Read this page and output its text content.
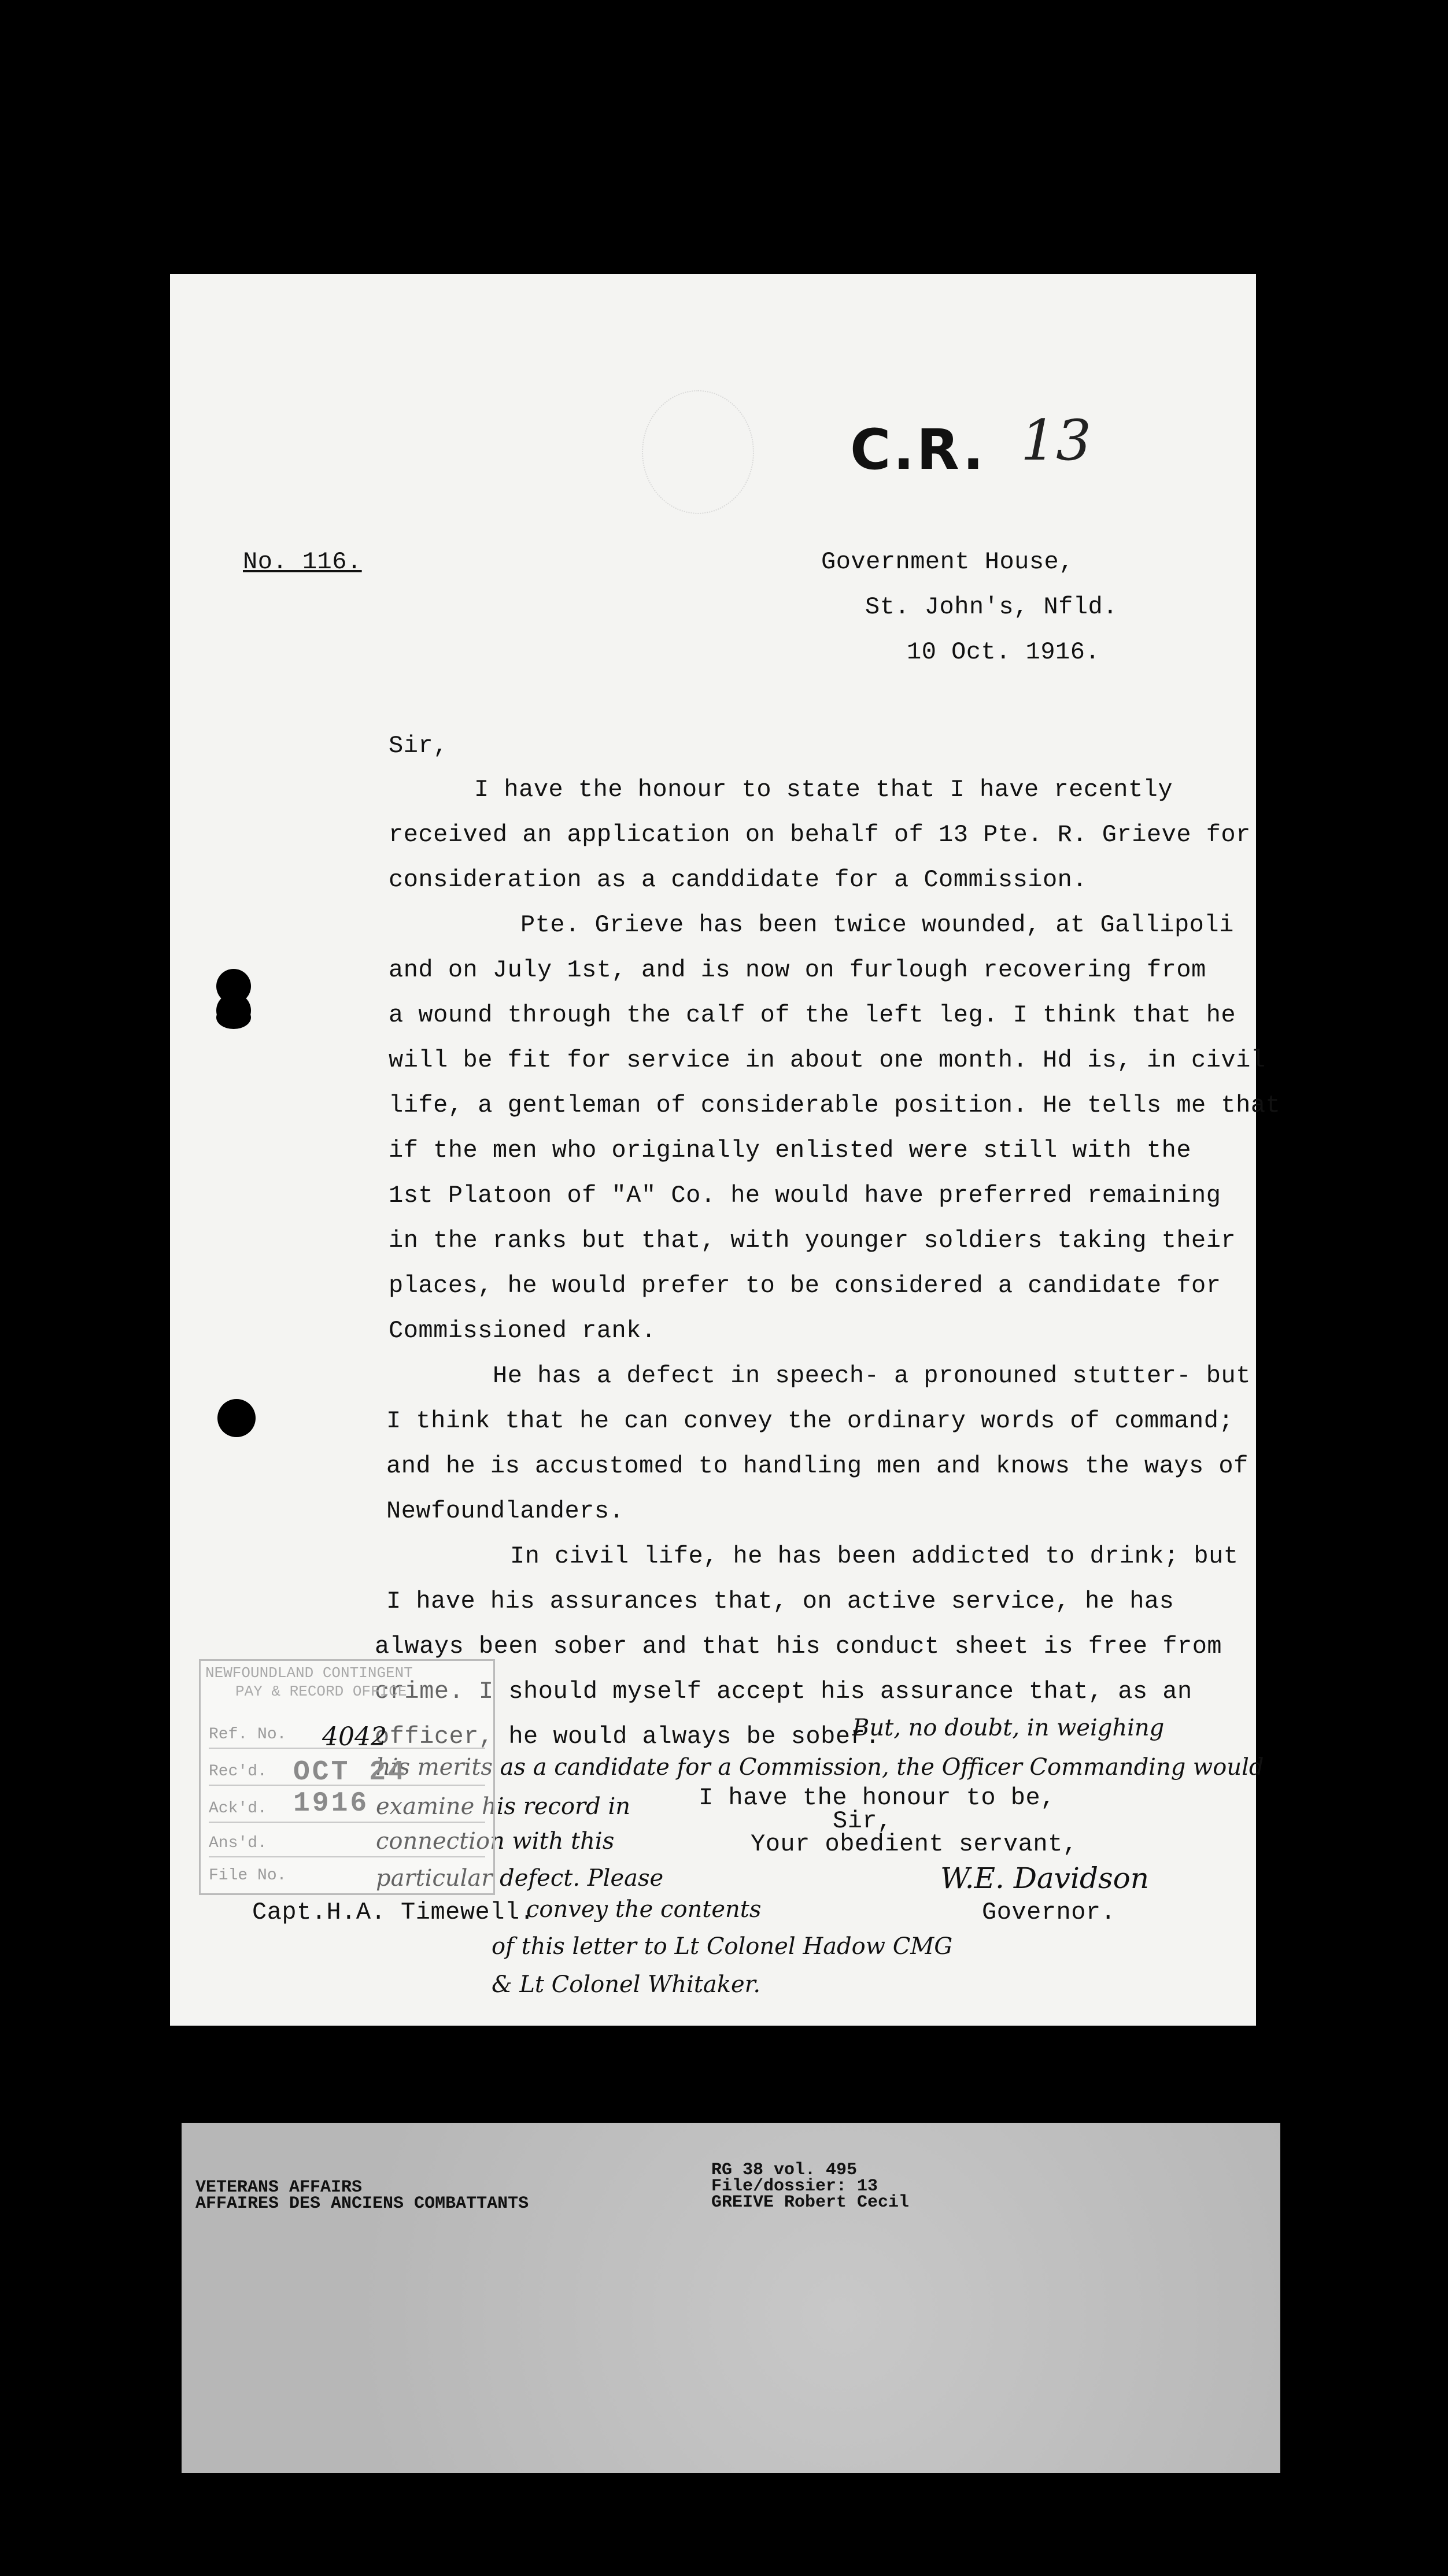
C.R. 13
No. 116.	Government House,
St. John's, Nfld.
10 Oct. 1916.
Sir,
I have the honour to state that I have recently
received an application on behalf of 13 Pte. R. Grieve for
consideration as a canddidate for a Commission.
Pte. Grieve has been twice wounded, at Gallipoli
and on July 1st, and is now on furlough recovering from
a wound through the calf of the left leg. I think that he
will be fit for service in about one month. Hd is, in civil
life, a gentleman of considerable position. He tells me that
if the men who originally enlisted were still with the
1st Platoon of "A" Co. he would have preferred remaining
in the ranks but that, with younger soldiers taking their
places, he would prefer to be considered a candidate for
Commissioned rank.
He has a defect in speech- a pronouned stutter- but
I think that he can convey the ordinary words of command;
and he is accustomed to handling men and knows the ways of
Newfoundlanders.
In civil life, he has been addicted to drink; but
I have his assurances that, on active service, he has
always been sober and that his conduct sheet is free from
crime. I should myself accept his assurance that, as an
officer, he would always be sober.
I have the honour to be,
Sir,
Your obedient servant,
W.E. Davidson
Governor.
Capt.H.A. Timewell.
But, no doubt, in weighing
his merits as a candidate for a Commission, the Officer Commanding would
examine his record in
connection with this
particular defect. Please
convey the contents
of this letter to Lt Colonel Hadow CMG
& Lt Colonel Whitaker.
NEWFOUNDLAND CONTINGENT
PAY & RECORD OFFICE
Ref. No.
Rec'd.
Ack'd.
Ans'd.
File No.
OCT 24 1916
4042
VETERANS AFFAIRS
AFFAIRES DES ANCIENS COMBATTANTS
RG 38 vol. 495
File/dossier: 13
GREIVE Robert Cecil
